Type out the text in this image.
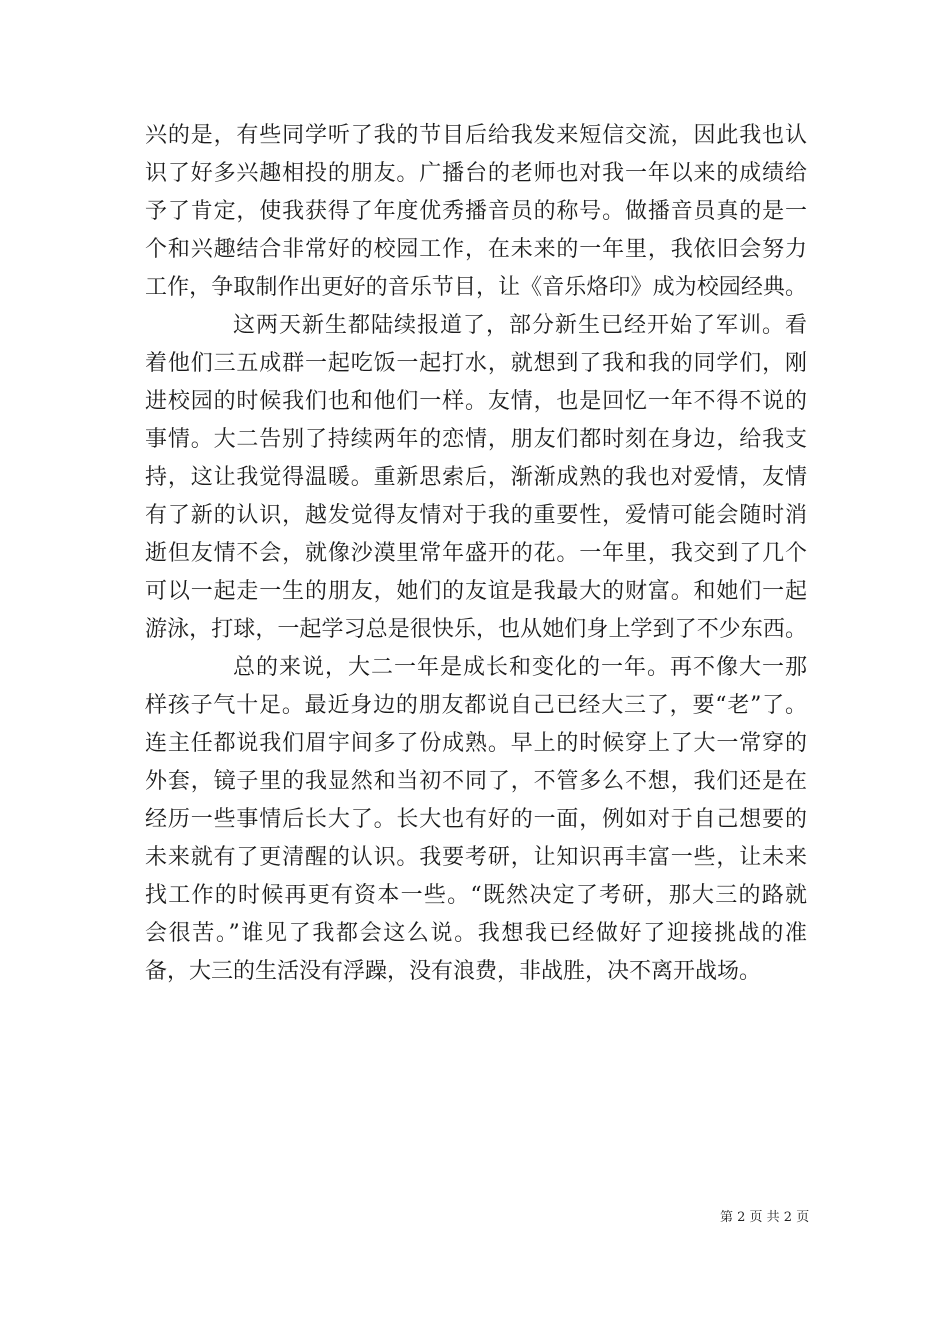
兴的是，有些同学听了我的节目后给我发来短信交流，因此我也认
识了好多兴趣相投的朋友。广播台的老师也对我一年以来的成绩给
予了肯定，使我获得了年度优秀播音员的称号。做播音员真的是一
个和兴趣结合非常好的校园工作，在未来的一年里，我依旧会努力
工作，争取制作出更好的音乐节目，让《音乐烙印》成为校园经典。
这两天新生都陆续报道了，部分新生已经开始了军训。看
着他们三五成群一起吃饭一起打水，就想到了我和我的同学们，刚
进校园的时候我们也和他们一样。友情，也是回忆一年不得不说的
事情。大二告别了持续两年的恋情，朋友们都时刻在身边，给我支
持，这让我觉得温暖。重新思索后，渐渐成熟的我也对爱情，友情
有了新的认识，越发觉得友情对于我的重要性，爱情可能会随时消
逝但友情不会，就像沙漠里常年盛开的花。一年里，我交到了几个
可以一起走一生的朋友，她们的友谊是我最大的财富。和她们一起
游泳，打球，一起学习总是很快乐，也从她们身上学到了不少东西。
总的来说，大二一年是成长和变化的一年。再不像大一那
样孩子气十足。最近身边的朋友都说自己已经大三了，要“老”了。
连主任都说我们眉宇间多了份成熟。早上的时候穿上了大一常穿的
外套，镜子里的我显然和当初不同了，不管多么不想，我们还是在
经历一些事情后长大了。长大也有好的一面，例如对于自己想要的
未来就有了更清醒的认识。我要考研，让知识再丰富一些，让未来
找工作的时候再更有资本一些。“既然决定了考研，那大三的路就
会很苦。”谁见了我都会这么说。我想我已经做好了迎接挑战的准
备，大三的生活没有浮躁，没有浪费，非战胜，决不离开战场。
第 2 页 共 2 页
